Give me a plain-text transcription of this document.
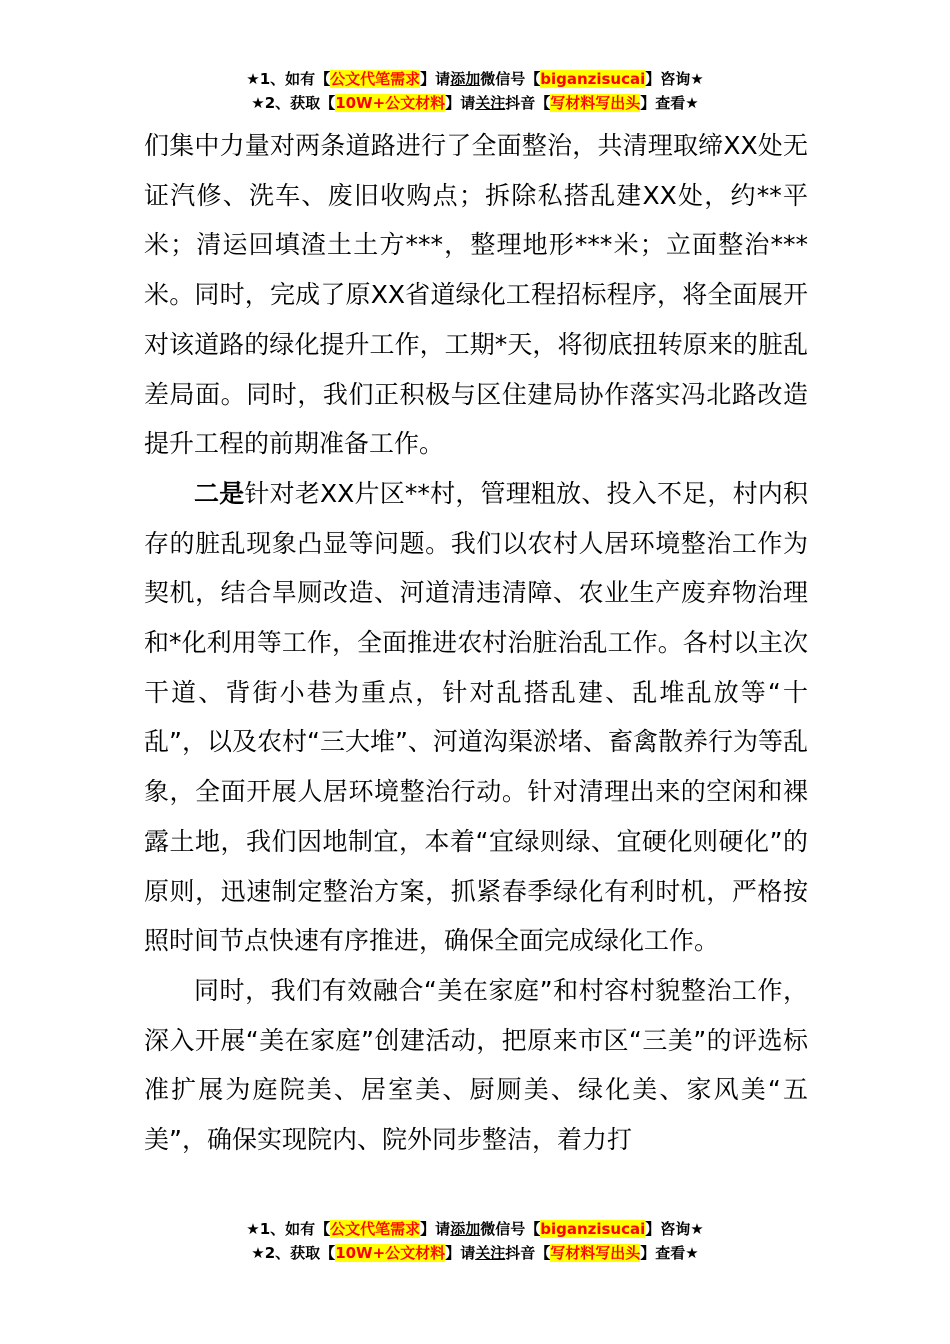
★1、如有【公文代笔需求】请添加微信号【biganzisucai】咨询★
★2、获取【10W+公文材料】请关注抖音【写材料写出头】查看★

们集中力量对两条道路进行了全面整治，共清理取缔XX处无证汽修、洗车、废旧收购点；拆除私搭乱建XX处，约**平米；清运回填渣土土方***，整理地形***米；立面整治***米。同时，完成了原XX省道绿化工程招标程序，将全面展开对该道路的绿化提升工作，工期*天，将彻底扭转原来的脏乱差局面。同时，我们正积极与区住建局协作落实冯北路改造提升工程的前期准备工作。

二是针对老XX片区**村，管理粗放、投入不足，村内积存的脏乱现象凸显等问题。我们以农村人居环境整治工作为契机，结合旱厕改造、河道清违清障、农业生产废弃物治理和*化利用等工作，全面推进农村治脏治乱工作。各村以主次干道、背街小巷为重点，针对乱搭乱建、乱堆乱放等“十乱”，以及农村“三大堆”、河道沟渠淤堵、畜禽散养行为等乱象，全面开展人居环境整治行动。针对清理出来的空闲和裸露土地，我们因地制宜，本着“宜绿则绿、宜硬化则硬化”的原则，迅速制定整治方案，抓紧春季绿化有利时机，严格按照时间节点快速有序推进，确保全面完成绿化工作。

同时，我们有效融合“美在家庭”和村容村貌整治工作，深入开展“美在家庭”创建活动，把原来市区“三美”的评选标准扩展为庭院美、居室美、厨厕美、绿化美、家风美“五美”，确保实现院内、院外同步整洁，着力打

★1、如有【公文代笔需求】请添加微信号【biganzisucai】咨询★
★2、获取【10W+公文材料】请关注抖音【写材料写出头】查看★
